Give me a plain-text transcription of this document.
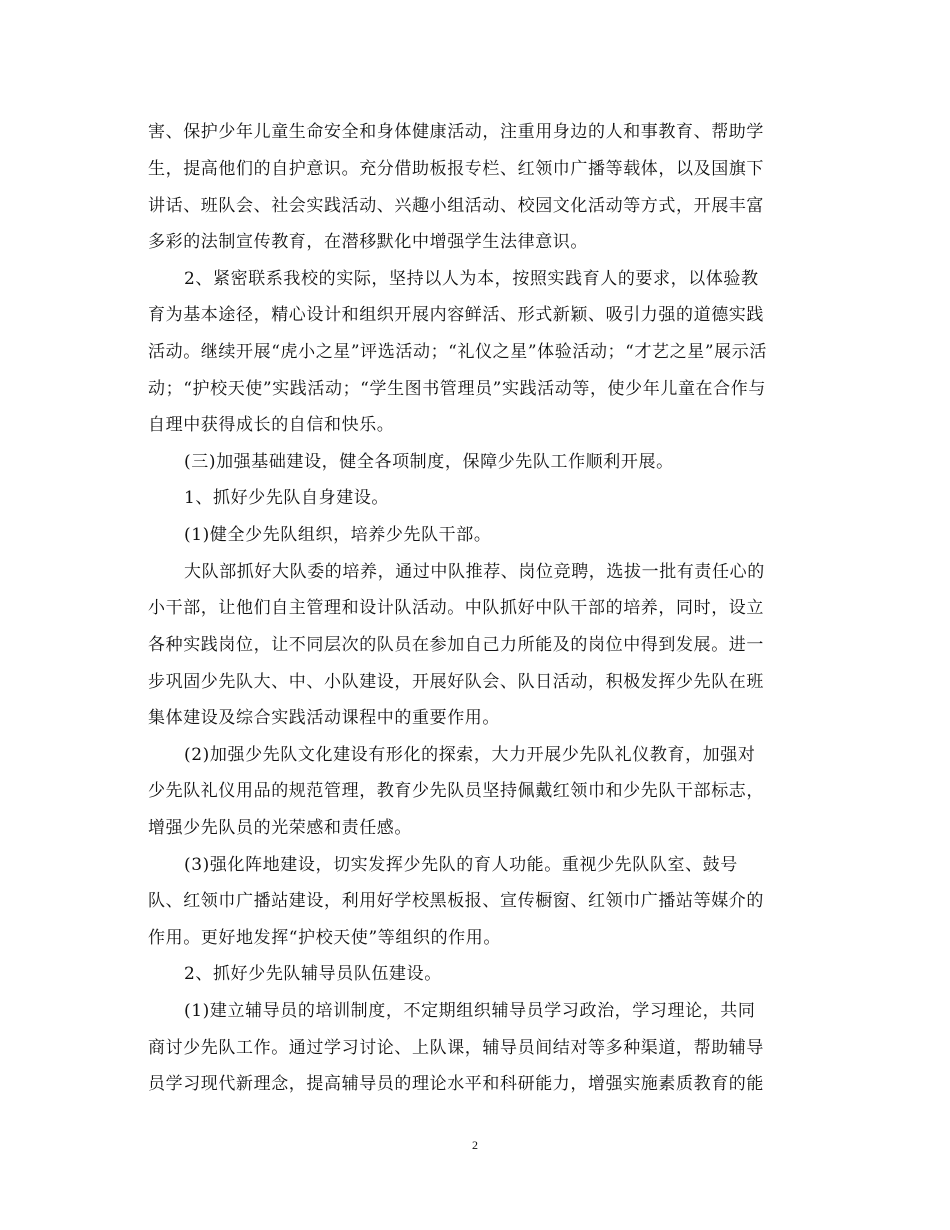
害、保护少年儿童生命安全和身体健康活动，注重用身边的人和事教育、帮助学
生，提高他们的自护意识。充分借助板报专栏、红领巾广播等载体，以及国旗下
讲话、班队会、社会实践活动、兴趣小组活动、校园文化活动等方式，开展丰富
多彩的法制宣传教育，在潜移默化中增强学生法律意识。
2、紧密联系我校的实际，坚持以人为本，按照实践育人的要求，以体验教
育为基本途径，精心设计和组织开展内容鲜活、形式新颖、吸引力强的道德实践
活动。继续开展“虎小之星”评选活动；“礼仪之星”体验活动；“才艺之星”展示活
动；“护校天使”实践活动；“学生图书管理员”实践活动等，使少年儿童在合作与
自理中获得成长的自信和快乐。
(三)加强基础建设，健全各项制度，保障少先队工作顺利开展。
1、抓好少先队自身建设。
(1)健全少先队组织，培养少先队干部。
大队部抓好大队委的培养，通过中队推荐、岗位竞聘，选拔一批有责任心的
小干部，让他们自主管理和设计队活动。中队抓好中队干部的培养，同时，设立
各种实践岗位，让不同层次的队员在参加自己力所能及的岗位中得到发展。进一
步巩固少先队大、中、小队建设，开展好队会、队日活动，积极发挥少先队在班
集体建设及综合实践活动课程中的重要作用。
(2)加强少先队文化建设有形化的探索，大力开展少先队礼仪教育，加强对
少先队礼仪用品的规范管理，教育少先队员坚持佩戴红领巾和少先队干部标志，
增强少先队员的光荣感和责任感。
(3)强化阵地建设，切实发挥少先队的育人功能。重视少先队队室、鼓号
队、红领巾广播站建设，利用好学校黑板报、宣传橱窗、红领巾广播站等媒介的
作用。更好地发挥“护校天使”等组织的作用。
2、抓好少先队辅导员队伍建设。
(1)建立辅导员的培训制度，不定期组织辅导员学习政治，学习理论，共同
商讨少先队工作。通过学习讨论、上队课，辅导员间结对等多种渠道，帮助辅导
员学习现代新理念，提高辅导员的理论水平和科研能力，增强实施素质教育的能
2
